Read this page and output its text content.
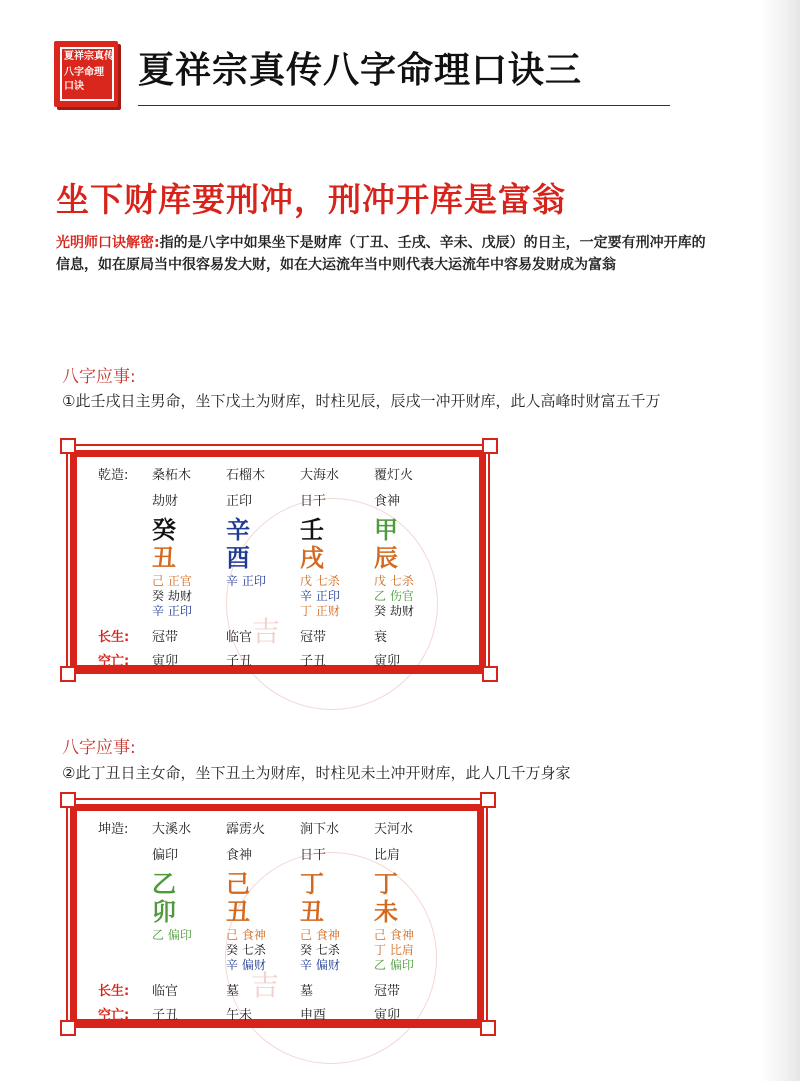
夏祥宗真传
八字命理
口诀 夏祥宗真传八字命理口诀三
坐下财库要刑冲，刑冲开库是富翁
光明师口诀解密:指的是八字中如果坐下是财库（丁丑、壬戌、辛未、戊辰）的日主，一定要有刑冲开库的信息，如在原局当中很容易发大财，如在大运流年当中则代表大运流年中容易发财成为富翁
八字应事:
①此壬戌日主男命，坐下戊土为财库，时柱见辰，辰戌一冲开财库，此人高峰时财富五千万
吉
乾造:
长生:
空亡:
桑柘木
劫财
癸
丑
己 正官
癸 劫财
辛 正印
冠带
寅卯
石榴木
正印
辛
酉
辛 正印
临官
子丑
大海水
日干
壬
戌
戊 七杀
辛 正印
丁 正财
冠带
子丑
覆灯火
食神
甲
辰
戊 七杀
乙 伤官
癸 劫财
衰
寅卯
八字应事:
②此丁丑日主女命，坐下丑土为财库，时柱见未土冲开财库，此人几千万身家
吉
坤造:
长生:
空亡:
大溪水
偏印
乙
卯
乙 偏印
临官
子丑
霹雳火
食神
己
丑
己 食神
癸 七杀
辛 偏财
墓
午未
涧下水
日干
丁
丑
己 食神
癸 七杀
辛 偏财
墓
申酉
天河水
比肩
丁
未
己 食神
丁 比肩
乙 偏印
冠带
寅卯
